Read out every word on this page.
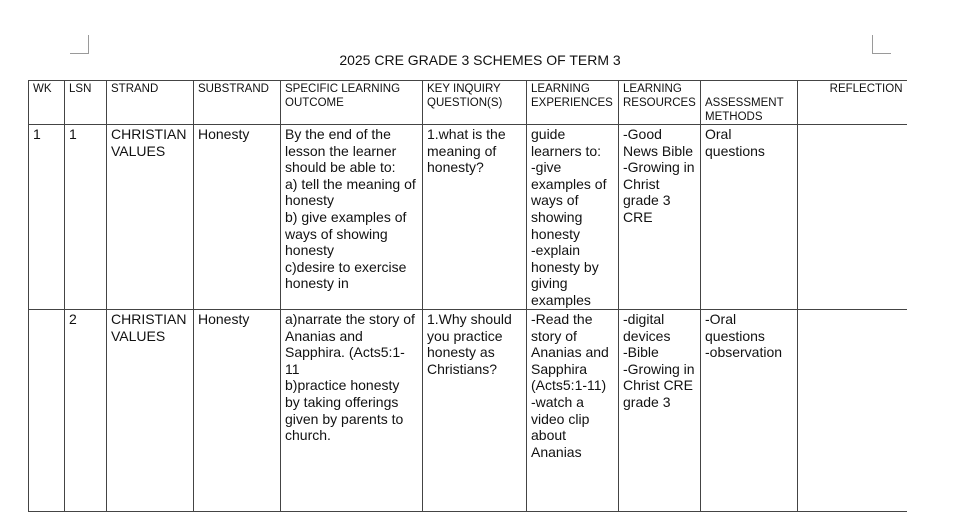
2025 CRE GRADE 3 SCHEMES OF TERM 3
WK	LSN	STRAND	SUBSTRAND	SPECIFIC LEARNING OUTCOME	KEY INQUIRY QUESTION(S)	LEARNING EXPERIENCES	LEARNING RESOURCES	ASSESSMENT METHODS	REFLECTION
1	1	CHRISTIAN VALUES	Honesty	By the end of the lesson the learner should be able to:
a) tell the meaning of honesty
b) give examples of ways of showing honesty
c)desire to exercise honesty in	1.what is the meaning of honesty?	guide learners to:
-give examples of ways of showing honesty
-explain honesty by giving examples	-Good News Bible
-Growing in Christ grade 3 CRE	Oral questions	
	2	CHRISTIAN VALUES	Honesty	a)narrate the story of Ananias and Sapphira. (Acts5:1-11
b)practice honesty by taking offerings given by parents to church.	1.Why should you practice honesty as Christians?	-Read the story of Ananias and Sapphira (Acts5:1-11)
-watch a video clip about Ananias	-digital devices
-Bible
-Growing in Christ CRE grade 3	-Oral questions
-observation	
